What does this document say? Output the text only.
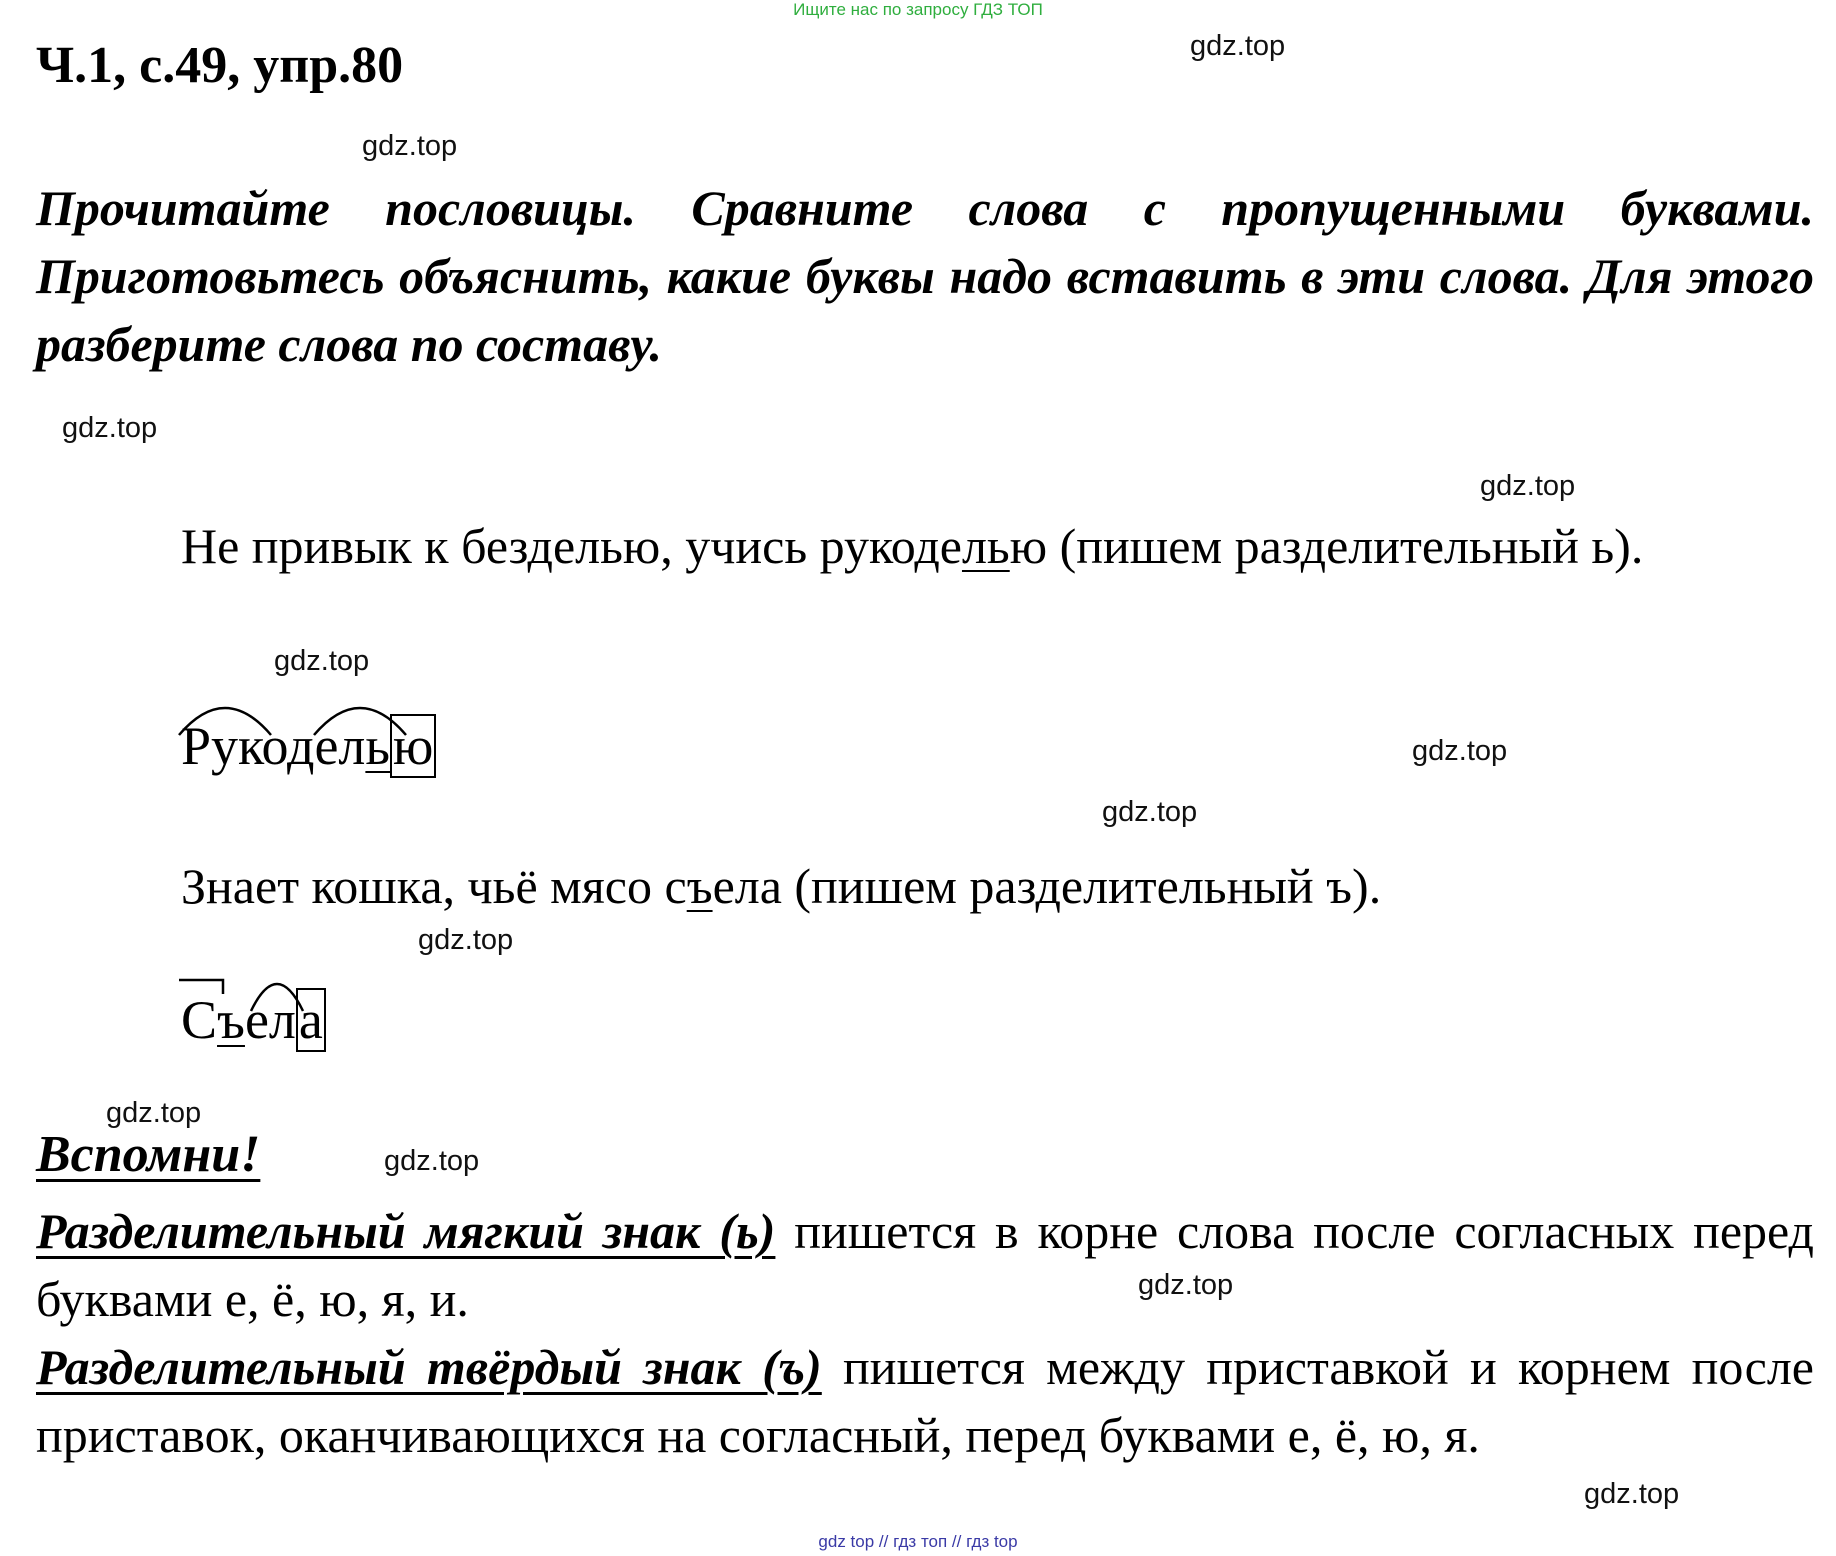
Ищите нас по запросу ГДЗ ТОП
Ч.1, с.49, упр.80

Прочитайте пословицы. Сравните слова с пропущенными буквами. Приготовьтесь объяснить, какие буквы надо вставить в эти слова. Для этого разберите слова по составу.

Не привык к безделью, учись рукоделью (пишем разделительный ь).

Рукоделью

Знает кошка, чьё мясо съела (пишем разделительный ъ).

Съела

Вспомни!

Разделительный мягкий знак (ь) пишется в корне слова после согласных перед буквами е, ё, ю, я, и.

Разделительный твёрдый знак (ъ) пишется между приставкой и корнем после приставок, оканчивающихся на согласный, перед буквами е, ё, ю, я.

gdz.top
gdz.top
gdz.top
gdz.top
gdz.top
gdz.top
gdz.top
gdz.top
gdz.top
gdz.top
gdz.top
gdz.top
gdz top // гдз топ // гдз top
